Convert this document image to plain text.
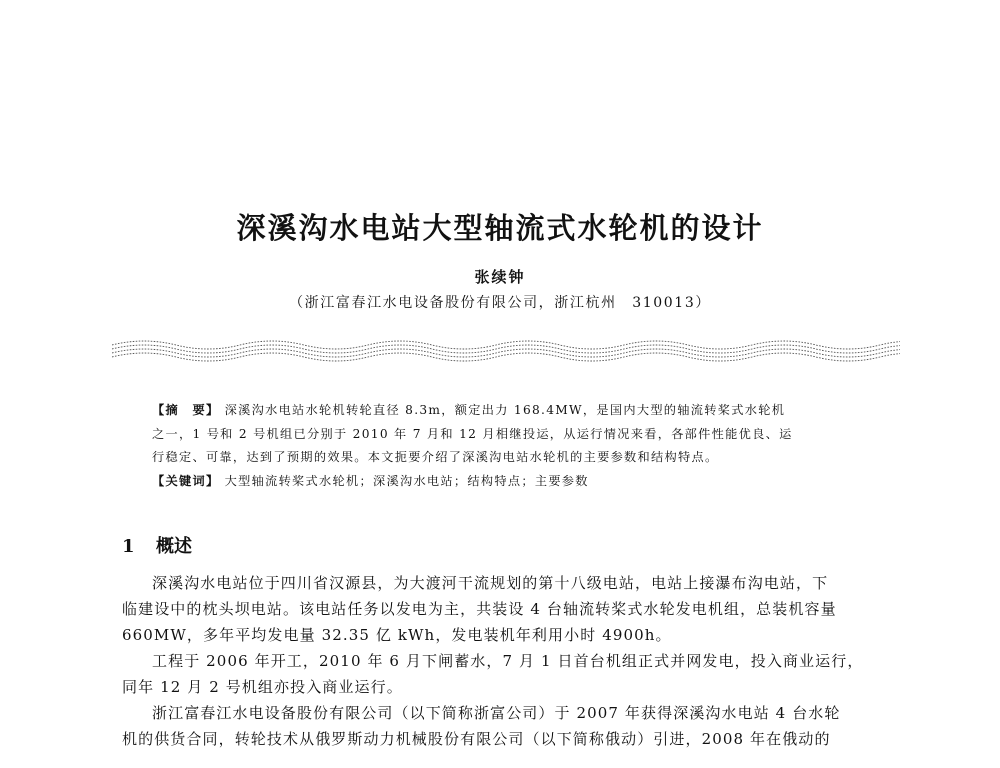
深溪沟水电站大型轴流式水轮机的设计
张续钟
（浙江富春江水电设备股份有限公司，浙江杭州　310013）
【摘　要】 深溪沟水电站水轮机转轮直径 8.3m，额定出力 168.4MW，是国内大型的轴流转桨式水轮机
之一，1 号和 2 号机组已分别于 2010 年 7 月和 12 月相继投运，从运行情况来看，各部件性能优良、运
行稳定、可靠，达到了预期的效果。本文扼要介绍了深溪沟电站水轮机的主要参数和结构特点。
【关键词】 大型轴流转桨式水轮机；深溪沟水电站；结构特点；主要参数
1 概述
深溪沟水电站位于四川省汉源县，为大渡河干流规划的第十八级电站，电站上接瀑布沟电站，下
临建设中的枕头坝电站。该电站任务以发电为主，共装设 4 台轴流转桨式水轮发电机组，总装机容量
660MW，多年平均发电量 32.35 亿 kWh，发电装机年利用小时 4900h。
工程于 2006 年开工，2010 年 6 月下闸蓄水，7 月 1 日首台机组正式并网发电，投入商业运行，
同年 12 月 2 号机组亦投入商业运行。
浙江富春江水电设备股份有限公司（以下简称浙富公司）于 2007 年获得深溪沟水电站 4 台水轮
机的供货合同，转轮技术从俄罗斯动力机械股份有限公司（以下简称俄动）引进，2008 年在俄动的
